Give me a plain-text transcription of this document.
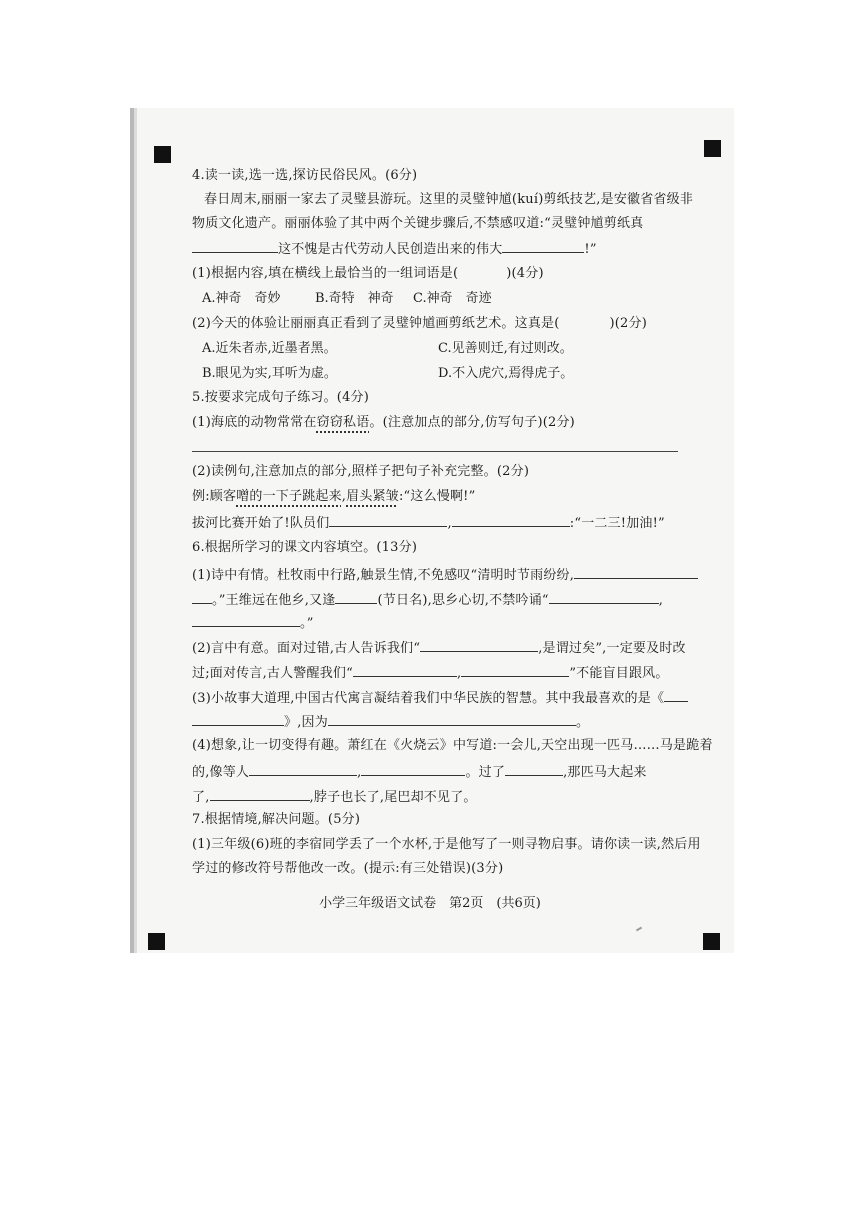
4.读一读,选一选,探访民俗民风。(6分)
春日周末,丽丽一家去了灵璧县游玩。这里的灵璧钟馗(kuí)剪纸技艺,是安徽省省级非
物质文化遗产。丽丽体验了其中两个关键步骤后,不禁感叹道:“灵璧钟馗剪纸真
这不愧是古代劳动人民创造出来的伟大	!”
(1)根据内容,填在横线上最恰当的一组词语是(	)(4分)
A.神奇　奇妙	B.奇特　神奇 C.神奇　奇迹
(2)今天的体验让丽丽真正看到了灵璧钟馗画剪纸艺术。这真是(	)(2分)
A.近朱者赤,近墨者黑。	C.见善则迁,有过则改。
B.眼见为实,耳听为虚。	D.不入虎穴,焉得虎子。
5.按要求完成句子练习。(4分)
(1)海底的动物常常在窃窃私语。(注意加点的部分,仿写句子)(2分)
(2)读例句,注意加点的部分,照样子把句子补充完整。(2分)
例:顾客噌的一下子跳起来,眉头紧皱:“这么慢啊!”
拔河比赛开始了!队员们	,	:“一二三!加油!”
6.根据所学习的课文内容填空。(13分)
(1)诗中有情。杜牧雨中行路,触景生情,不免感叹“清明时节雨纷纷,
。”王维远在他乡,又逢	(节日名),思乡心切,不禁吟诵“	,
。”
(2)言中有意。面对过错,古人告诉我们“	,是谓过矣”,一定要及时改
过;面对传言,古人警醒我们“	,	”不能盲目跟风。
(3)小故事大道理,中国古代寓言凝结着我们中华民族的智慧。其中我最喜欢的是《
》,因为	。
(4)想象,让一切变得有趣。萧红在《火烧云》中写道:一会儿,天空出现一匹马……马是跪着
的,像等人	,	。过了	,那匹马大起来
了,	,脖子也长了,尾巴却不见了。
7.根据情境,解决问题。(5分)
(1)三年级(6)班的李宿同学丢了一个水杯,于是他写了一则寻物启事。请你读一读,然后用
学过的修改符号帮他改一改。(提示:有三处错误)(3分)
小学三年级语文试卷　第2页　(共6页)
